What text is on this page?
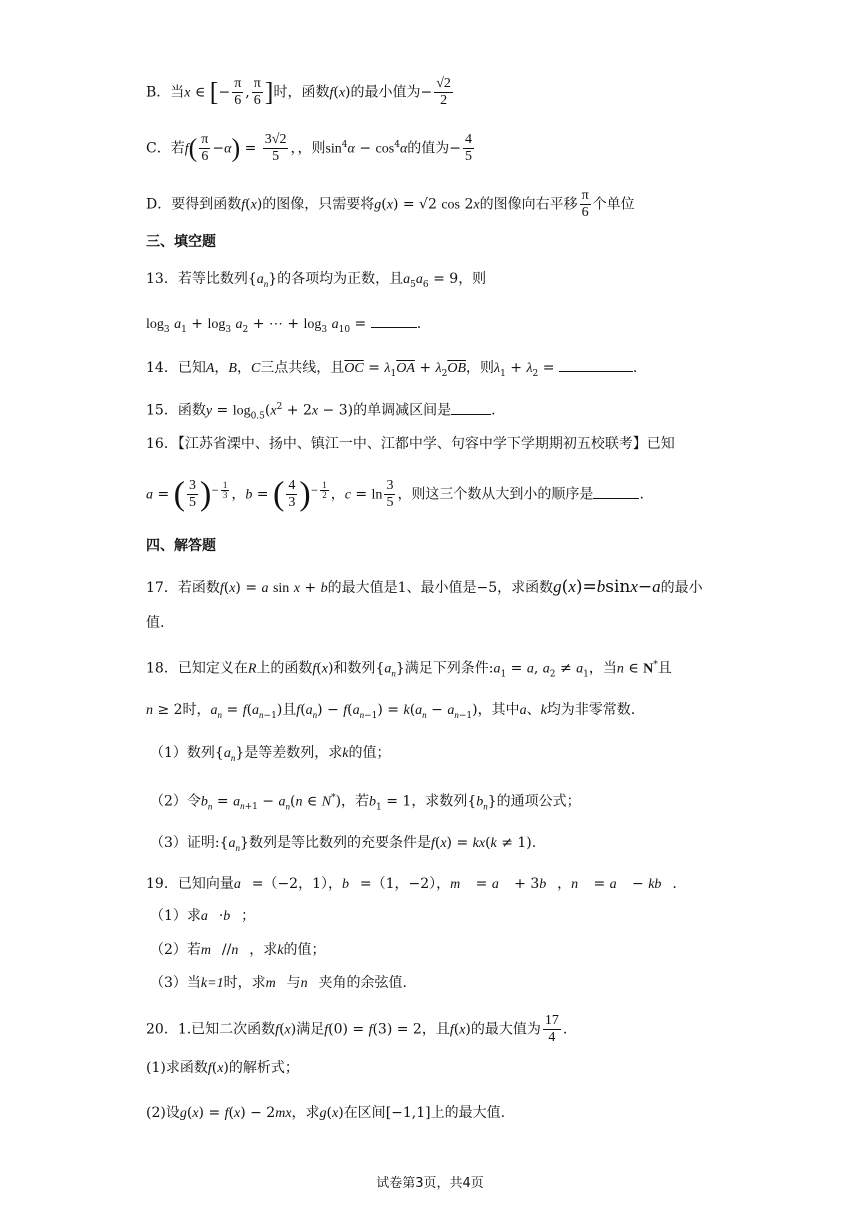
B．当x ∈ [− $\frac{\pi}{6}$ , $\frac{\pi}{6}$ ]时，函数f(x)的最小值为− $\frac{√2}{2}$
C．若$f( \frac{\pi}{6} -\alpha) = \frac{3√2}{5}$ ，，则$\sin^4\alpha - \cos^4\alpha$的值为− $\frac{4}{5}$
D．要得到函数f(x)的图像，只需要将g(x) = √2 cos 2x的图像向右平移 $\frac{\pi}{6}$ 个单位
三、填空题
13．若等比数列$\{a_n\}$的各项均为正数，且$a_5a_6 = 9$，则
$\log_3 a_1 + \log_3 a_2$ + ⋯ + $\log_3 a_{10}$ =	.
14．已知A，B，C三点共线，且$\overline{OC} = \lambda_1\overline{OA} + \lambda_2\overline{OB}$，则$\lambda_1 + \lambda_2$ =	.
15．函数$y = \log_{0.5}(x^2 + 2x - 3)$的单调减区间是	.
16．【江苏省溧中、扬中、镇江一中、江都中学、句容中学下学期期初五校联考】已知
a = ( $\frac{3}{5} )^{- \frac{1}{3}}$ ，b = ( $\frac{4}{3} )^{- \frac{1}{2}}$ ，$c = \ln \frac{3}{5}$ ，则这三个数从大到小的顺序是	.
四、解答题
17．若函数f(x) = a sin x + b的最大值是1、最小值是−5，求函数g(x)=bsinx−a的最小
值.
18．已知定义在R上的函数f(x)和数列$\{a_n\}$满足下列条件$:a_1 = a$, $a_2 \ne a_1$，当n ∈ N*且
n ≥ 2时，$a_n = f(a_{n-1})$且$f(a_n) - f(a_{n-1}) = k(a_n - a_{n-1})$，其中a、k均为非零常数.
（1）数列$\{a_n\}$是等差数列，求k的值；
（2）令$b_n = a_{n+1} - a_n(n$ ∈ N*)，若$b_1 = 1$，求数列$\{b_n\}$的通项公式；
（3）证明$:\{a_n\}$数列是等比数列的充要条件是f(x) = kx(k ≠ 1).
19．已知向量a⃗=（−2，1），b⃗=（1，−2），m⃗ = a⃗ + 3b⃗，n⃗ = a⃗ − kb⃗.
（1）求a⃗·b⃗；
（2）若m⃗//n⃗，求k的值；
（3）当k=1时，求m⃗与n⃗夹角的余弦值.
20．1.已知二次函数f(x)满足f(0) = f(3) = 2，且f(x)的最大值为 $\frac{17}{4}$ .
(1)求函数f(x)的解析式；
(2)设g(x) = f(x) − 2mx，求g(x)在区间[−1,1]上的最大值.
试卷第3页，共4页
